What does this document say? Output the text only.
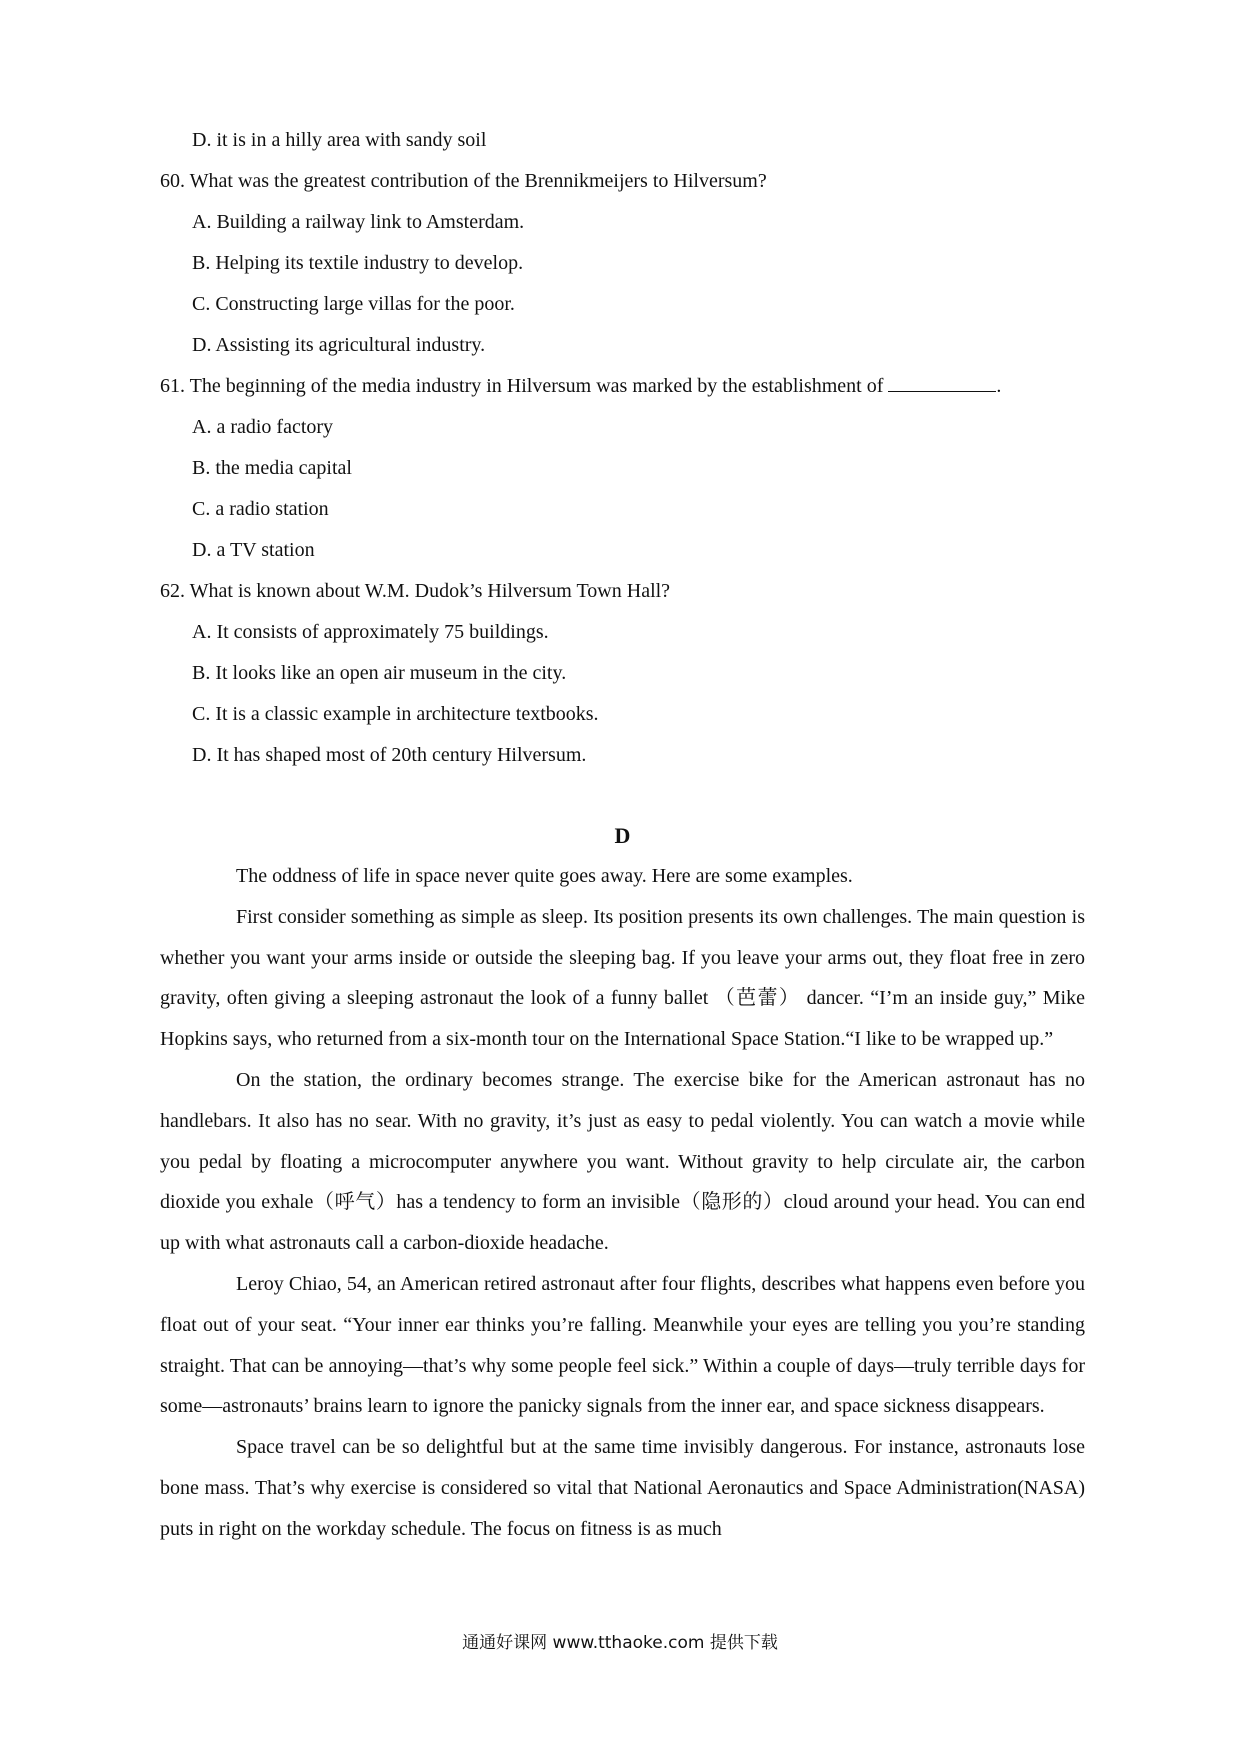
D. it is in a hilly area with sandy soil
60. What was the greatest contribution of the Brennikmeijers to Hilversum?
A. Building a railway link to Amsterdam.
B. Helping its textile industry to develop.
C. Constructing large villas for the poor.
D. Assisting its agricultural industry.
61. The beginning of the media industry in Hilversum was marked by the establishment of	.
A. a radio factory
B. the media capital
C. a radio station
D. a TV station
62. What is known about W.M. Dudok’s Hilversum Town Hall?
A. It consists of approximately 75 buildings.
B. It looks like an open air museum in the city.
C. It is a classic example in architecture textbooks.
D. It has shaped most of 20th century Hilversum.
D

The oddness of life in space never quite goes away. Here are some examples.

First consider something as simple as sleep. Its position presents its own challenges. The main question is whether you want your arms inside or outside the sleeping bag. If you leave your arms out, they float free in zero gravity, often giving a sleeping astronaut the look of a funny ballet （芭蕾） dancer. “I’m an inside guy,” Mike Hopkins says, who returned from a six-month tour on the International Space Station.“I like to be wrapped up.”

On the station, the ordinary becomes strange. The exercise bike for the American astronaut has no handlebars. It also has no sear. With no gravity, it’s just as easy to pedal violently. You can watch a movie while you pedal by floating a microcomputer anywhere you want. Without gravity to help circulate air, the carbon dioxide you exhale（呼气）has a tendency to form an invisible（隐形的）cloud around your head. You can end up with what astronauts call a carbon-dioxide headache.

Leroy Chiao, 54, an American retired astronaut after four flights, describes what happens even before you float out of your seat. “Your inner ear thinks you’re falling. Meanwhile your eyes are telling you you’re standing straight. That can be annoying—that’s why some people feel sick.” Within a couple of days—truly terrible days for some—astronauts’ brains learn to ignore the panicky signals from the inner ear, and space sickness disappears.

Space travel can be so delightful but at the same time invisibly dangerous. For instance, astronauts lose bone mass. That’s why exercise is considered so vital that National Aeronautics and Space Administration(NASA) puts in right on the workday schedule. The focus on fitness is as much

通通好课网 www.tthaoke.com 提供下载
